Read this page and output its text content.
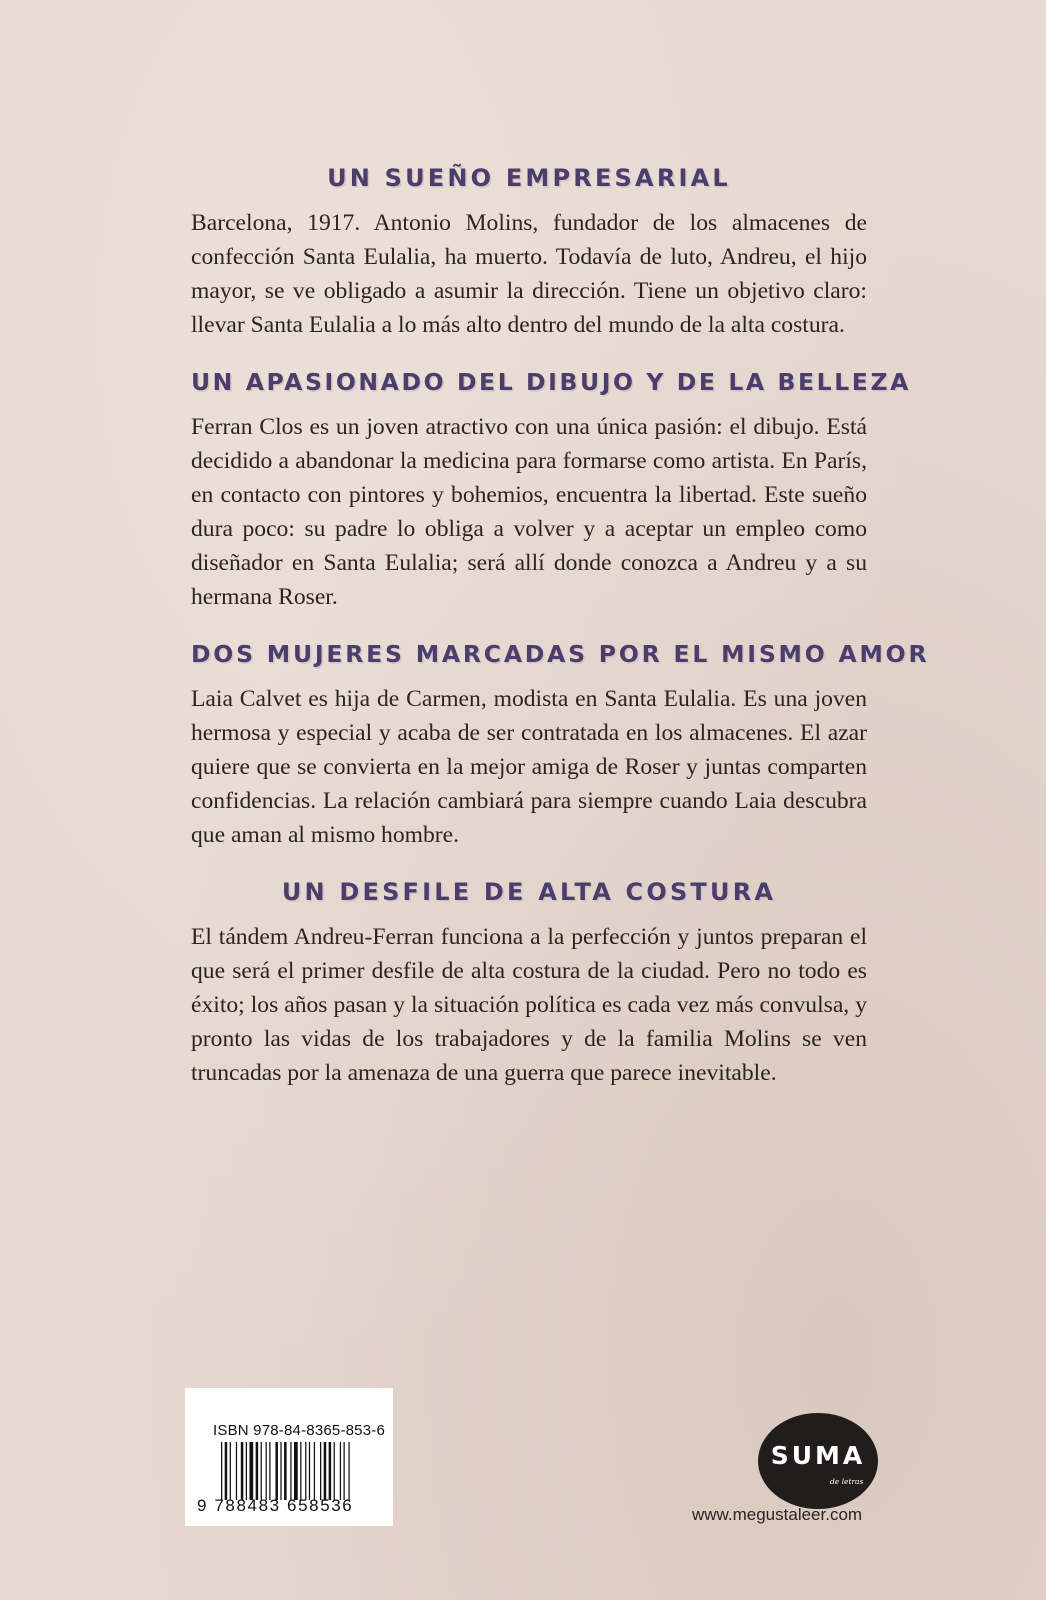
UN SUEÑO EMPRESARIAL

Barcelona, 1917. Antonio Molins, fundador de los almacenes de confección Santa Eulalia, ha muerto. Todavía de luto, Andreu, el hijo mayor, se ve obligado a asumir la dirección. Tiene un objetivo claro: llevar Santa Eulalia a lo más alto dentro del mundo de la alta costura.

UN APASIONADO DEL DIBUJO Y DE LA BELLEZA

Ferran Clos es un joven atractivo con una única pasión: el dibujo. Está decidido a abandonar la medicina para formarse como artista. En París, en contacto con pintores y bohemios, encuentra la libertad. Este sueño dura poco: su padre lo obliga a volver y a aceptar un empleo como diseñador en Santa Eulalia; será allí donde conozca a Andreu y a su hermana Roser.

DOS MUJERES MARCADAS POR EL MISMO AMOR

Laia Calvet es hija de Carmen, modista en Santa Eulalia. Es una joven hermosa y especial y acaba de ser contratada en los almacenes. El azar quiere que se convierta en la mejor amiga de Roser y juntas comparten confidencias. La relación cambiará para siempre cuando Laia descubra que aman al mismo hombre.

UN DESFILE DE ALTA COSTURA

El tándem Andreu-Ferran funciona a la perfección y juntos preparan el que será el primer desfile de alta costura de la ciudad. Pero no todo es éxito; los años pasan y la situación política es cada vez más convulsa, y pronto las vidas de los trabajadores y de la familia Molins se ven truncadas por la amenaza de una guerra que parece inevitable.

ISBN 978-84-8365-853-6
9 788483 658536
SUMA
de letras
www.megustaleer.com
